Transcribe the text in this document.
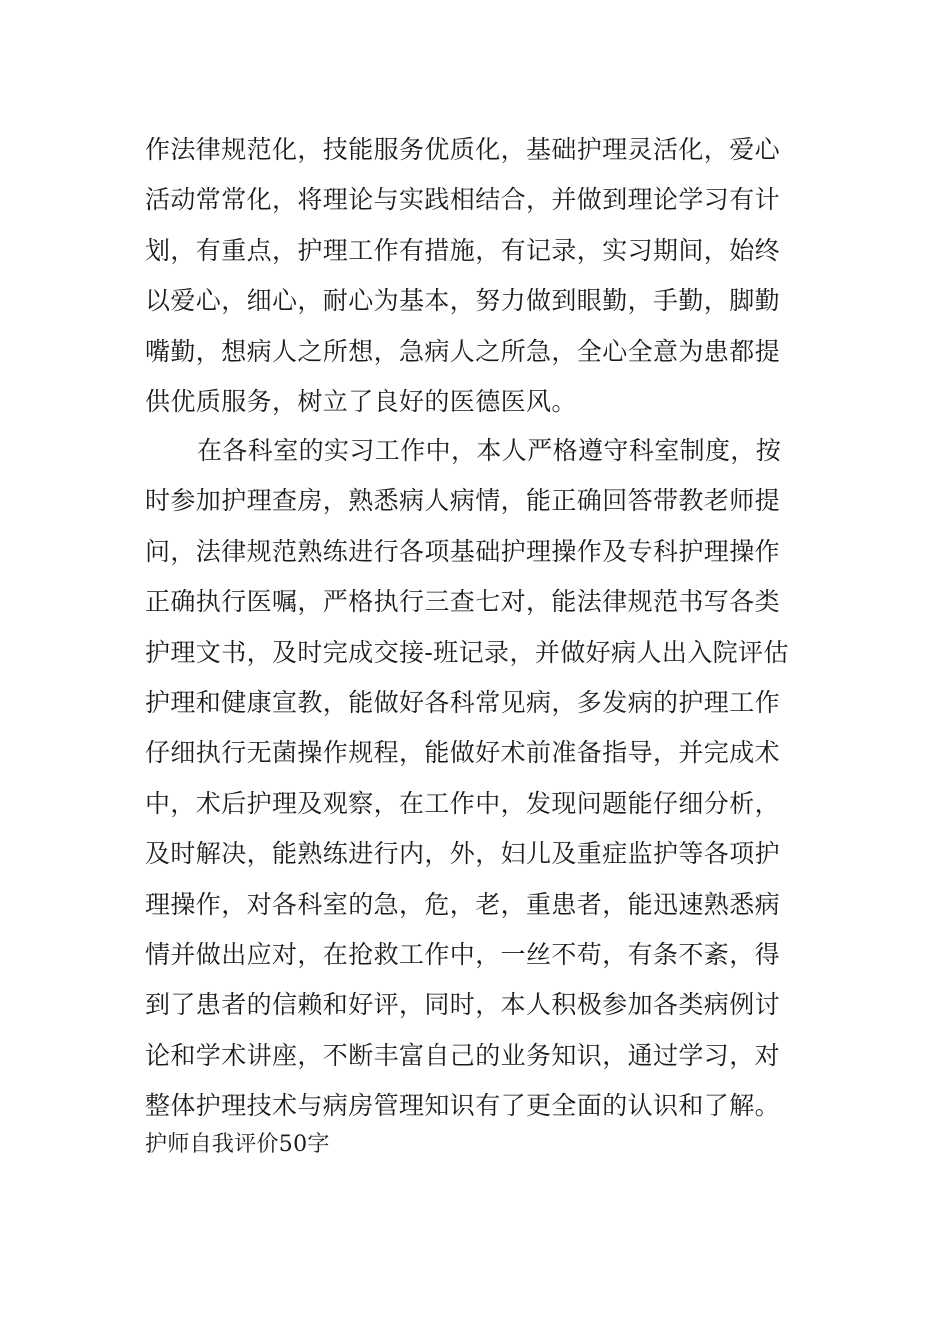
作法律规范化，技能服务优质化，基础护理灵活化，爱心
活动常常化，将理论与实践相结合，并做到理论学习有计
划，有重点，护理工作有措施，有记录，实习期间，始终
以爱心，细心，耐心为基本，努力做到眼勤，手勤，脚勤
嘴勤，想病人之所想，急病人之所急，全心全意为患都提
供优质服务，树立了良好的医德医风。
在各科室的实习工作中，本人严格遵守科室制度，按
时参加护理查房，熟悉病人病情，能正确回答带教老师提
问，法律规范熟练进行各项基础护理操作及专科护理操作
正确执行医嘱，严格执行三查七对，能法律规范书写各类
护理文书，及时完成交接-班记录，并做好病人出入院评估
护理和健康宣教，能做好各科常见病，多发病的护理工作
仔细执行无菌操作规程，能做好术前准备指导，并完成术
中，术后护理及观察，在工作中，发现问题能仔细分析，
及时解决，能熟练进行内，外，妇儿及重症监护等各项护
理操作，对各科室的急，危，老，重患者，能迅速熟悉病
情并做出应对，在抢救工作中，一丝不苟，有条不紊，得
到了患者的信赖和好评，同时，本人积极参加各类病例讨
论和学术讲座，不断丰富自己的业务知识，通过学习，对
整体护理技术与病房管理知识有了更全面的认识和了解。
护师自我评价50字
